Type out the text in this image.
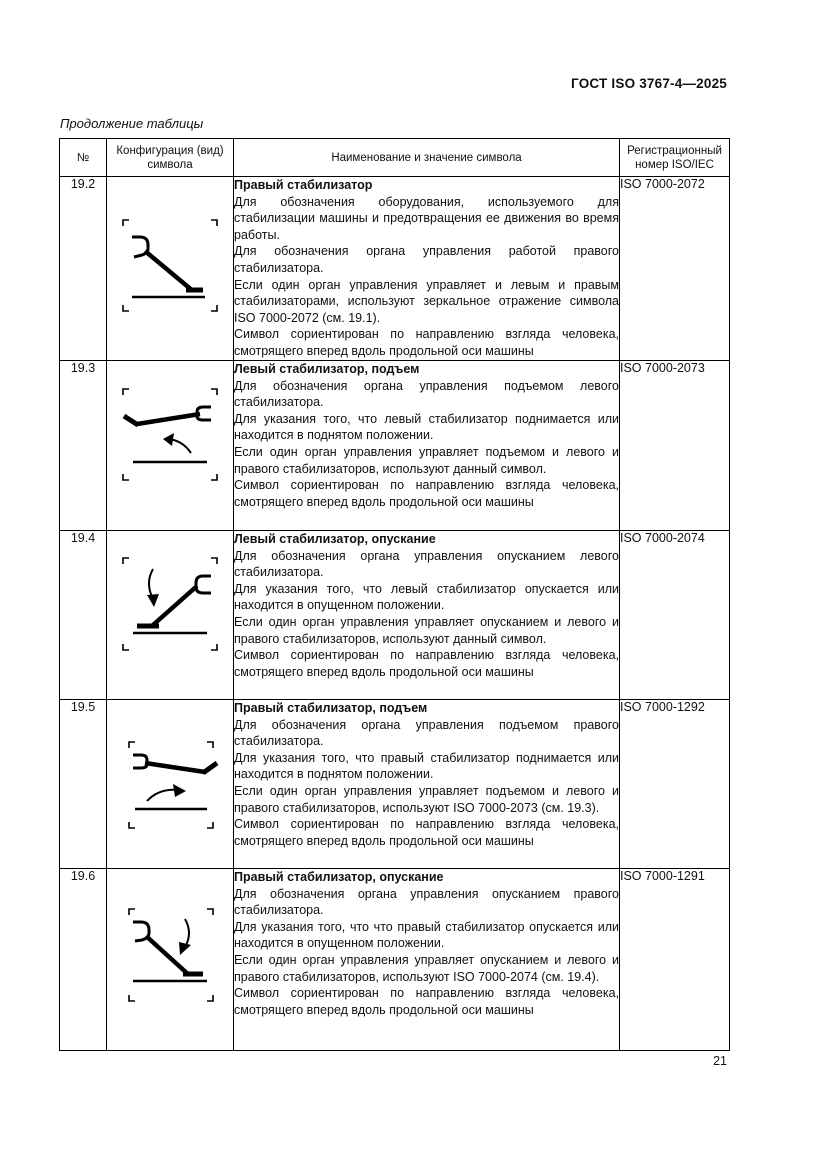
ГОСТ ISO 3767-4—2025
Продолжение таблицы
№	Конфигурация (вид) символа	Наименование и значение символа	Регистрационный номер ISO/IEC
19.2		Правый стабилизатор
Для обозначения оборудования, используемого для стабилизации машины и предотвращения ее движения во время работы.
Для обозначения органа управления работой правого стабилизатора.
Если один орган управления управляет и левым и правым стабилизаторами, используют зеркальное отражение символа ISO 7000-2072 (см. 19.1).
Символ сориентирован по направлению взгляда человека, смотрящего вперед вдоль продольной оси машины	ISO 7000-2072
19.3		Левый стабилизатор, подъем
Для обозначения органа управления подъемом левого стабилизатора.
Для указания того, что левый стабилизатор поднимается или находится в поднятом положении.
Если один орган управления управляет подъемом и левого и правого стабилизаторов, используют данный символ.
Символ сориентирован по направлению взгляда человека, смотрящего вперед вдоль продольной оси машины	ISO 7000-2073
19.4		Левый стабилизатор, опускание
Для обозначения органа управления опусканием левого стабилизатора.
Для указания того, что левый стабилизатор опускается или находится в опущенном положении.
Если один орган управления управляет опусканием и левого и правого стабилизаторов, используют данный символ.
Символ сориентирован по направлению взгляда человека, смотрящего вперед вдоль продольной оси машины	ISO 7000-2074
19.5		Правый стабилизатор, подъем
Для обозначения органа управления подъемом правого стабилизатора.
Для указания того, что правый стабилизатор поднимается или находится в поднятом положении.
Если один орган управления управляет подъемом и левого и правого стабилизаторов, используют ISO 7000-2073 (см. 19.3).
Символ сориентирован по направлению взгляда человека, смотрящего вперед вдоль продольной оси машины	ISO 7000-1292
19.6		Правый стабилизатор, опускание
Для обозначения органа управления опусканием правого стабилизатора.
Для указания того, что что правый стабилизатор опускается или находится в опущенном положении.
Если один орган управления управляет опусканием и левого и правого стабилизаторов, используют ISO 7000-2074 (см. 19.4).
Символ сориентирован по направлению взгляда человека, смотрящего вперед вдоль продольной оси машины	ISO 7000-1291
21
